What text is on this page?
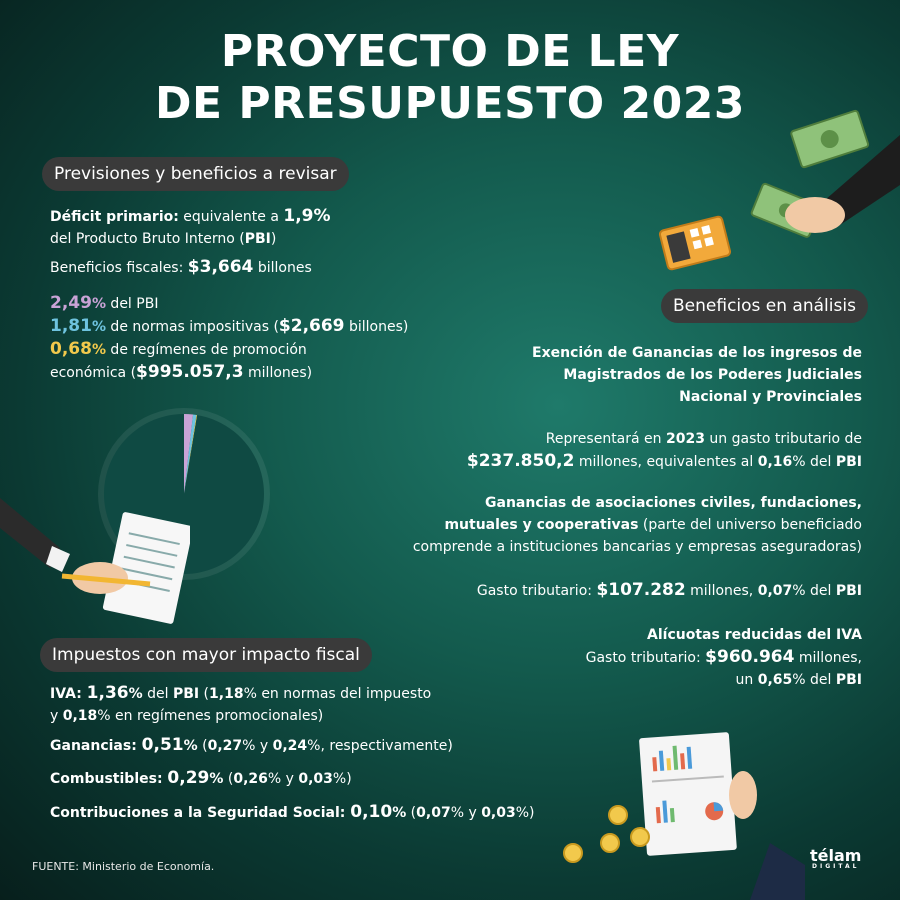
PROYECTO DE LEY
DE PRESUPUESTO 2023
Previsiones y beneficios a revisar
Déficit primario: equivalente a 1,9%
del Producto Bruto Interno (PBI)
Beneficios fiscales: $3,664 billones
2,49% del PBI
1,81% de normas impositivas ($2,669 billones)
0,68% de regímenes de promoción
económica ($995.057,3 millones)
Impuestos con mayor impacto fiscal
IVA: 1,36% del PBI (1,18% en normas del impuesto
y 0,18% en regímenes promocionales)
Ganancias: 0,51% (0,27% y 0,24%, respectivamente)
Combustibles: 0,29% (0,26% y 0,03%)
Contribuciones a la Seguridad Social: 0,10% (0,07% y 0,03%)
Beneficios en análisis
Exención de Ganancias de los ingresos de
Magistrados de los Poderes Judiciales
Nacional y Provinciales
Representará en 2023 un gasto tributario de
$237.850,2 millones, equivalentes al 0,16% del PBI
Ganancias de asociaciones civiles, fundaciones,
mutuales y cooperativas (parte del universo beneficiado
comprende a instituciones bancarias y empresas aseguradoras)
Gasto tributario: $107.282 millones, 0,07% del PBI
Alícuotas reducidas del IVA
Gasto tributario: $960.964 millones,
un 0,65% del PBI
FUENTE: Ministerio de Economía.
télam
DIGITAL
